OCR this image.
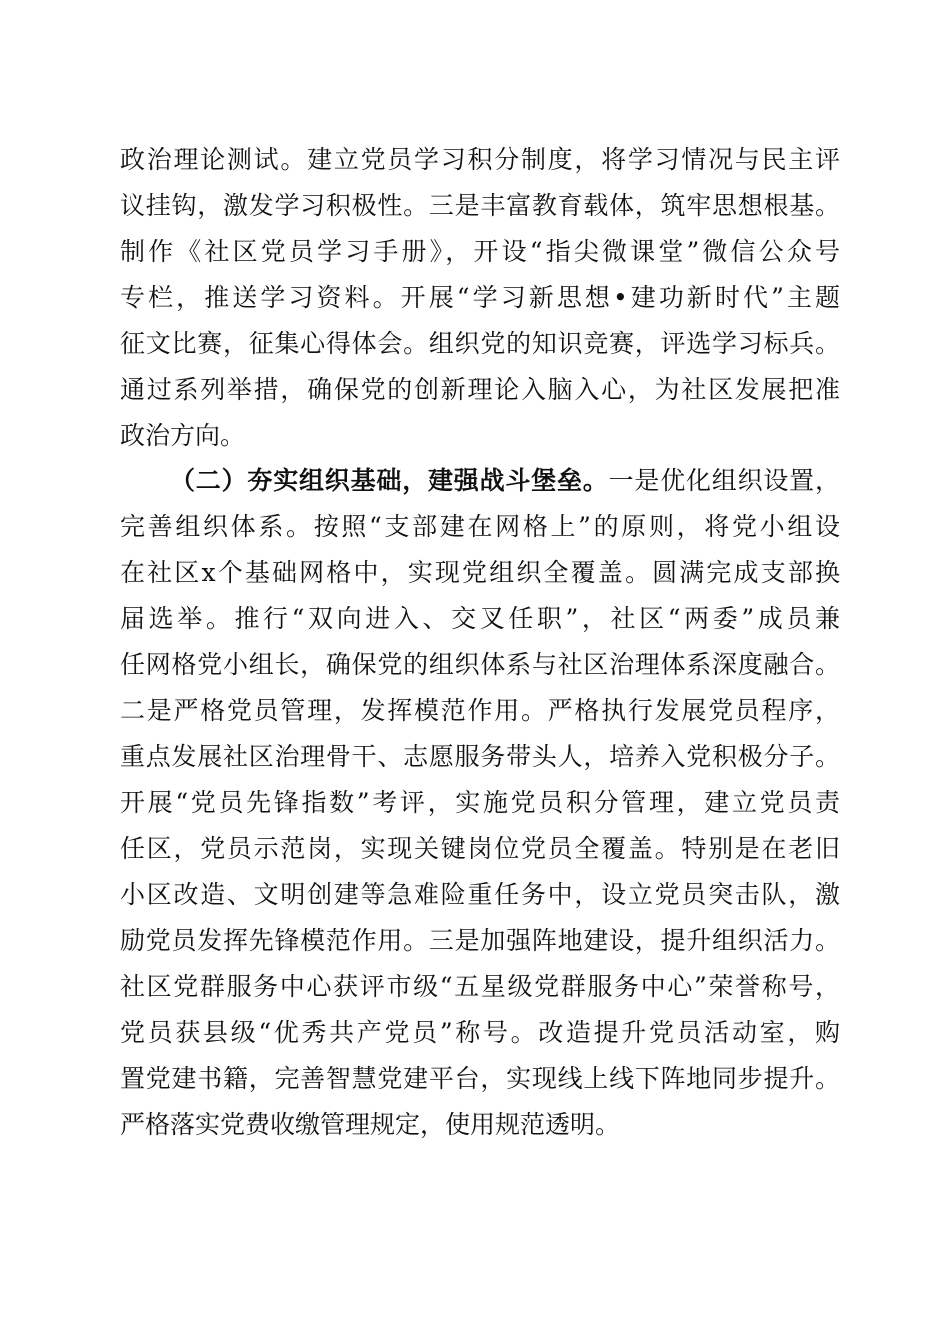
政治理论测试。建立党员学习积分制度，将学习情况与民主评
议挂钩，激发学习积极性。三是丰富教育载体，筑牢思想根基。
制作《社区党员学习手册》，开设“指尖微课堂”微信公众号
专栏，推送学习资料。开展“学习新思想•建功新时代”主题
征文比赛，征集心得体会。组织党的知识竞赛，评选学习标兵。
通过系列举措，确保党的创新理论入脑入心，为社区发展把准
政治方向。
（二）夯实组织基础，建强战斗堡垒。一是优化组织设置，
完善组织体系。按照“支部建在网格上”的原则，将党小组设
在社区x个基础网格中，实现党组织全覆盖。圆满完成支部换
届选举。推行“双向进入、交叉任职”，社区“两委”成员兼
任网格党小组长，确保党的组织体系与社区治理体系深度融合。
二是严格党员管理，发挥模范作用。严格执行发展党员程序，
重点发展社区治理骨干、志愿服务带头人，培养入党积极分子。
开展“党员先锋指数”考评，实施党员积分管理，建立党员责
任区，党员示范岗，实现关键岗位党员全覆盖。特别是在老旧
小区改造、文明创建等急难险重任务中，设立党员突击队，激
励党员发挥先锋模范作用。三是加强阵地建设，提升组织活力。
社区党群服务中心获评市级“五星级党群服务中心”荣誉称号，
党员获县级“优秀共产党员”称号。改造提升党员活动室，购
置党建书籍，完善智慧党建平台，实现线上线下阵地同步提升。
严格落实党费收缴管理规定，使用规范透明。
